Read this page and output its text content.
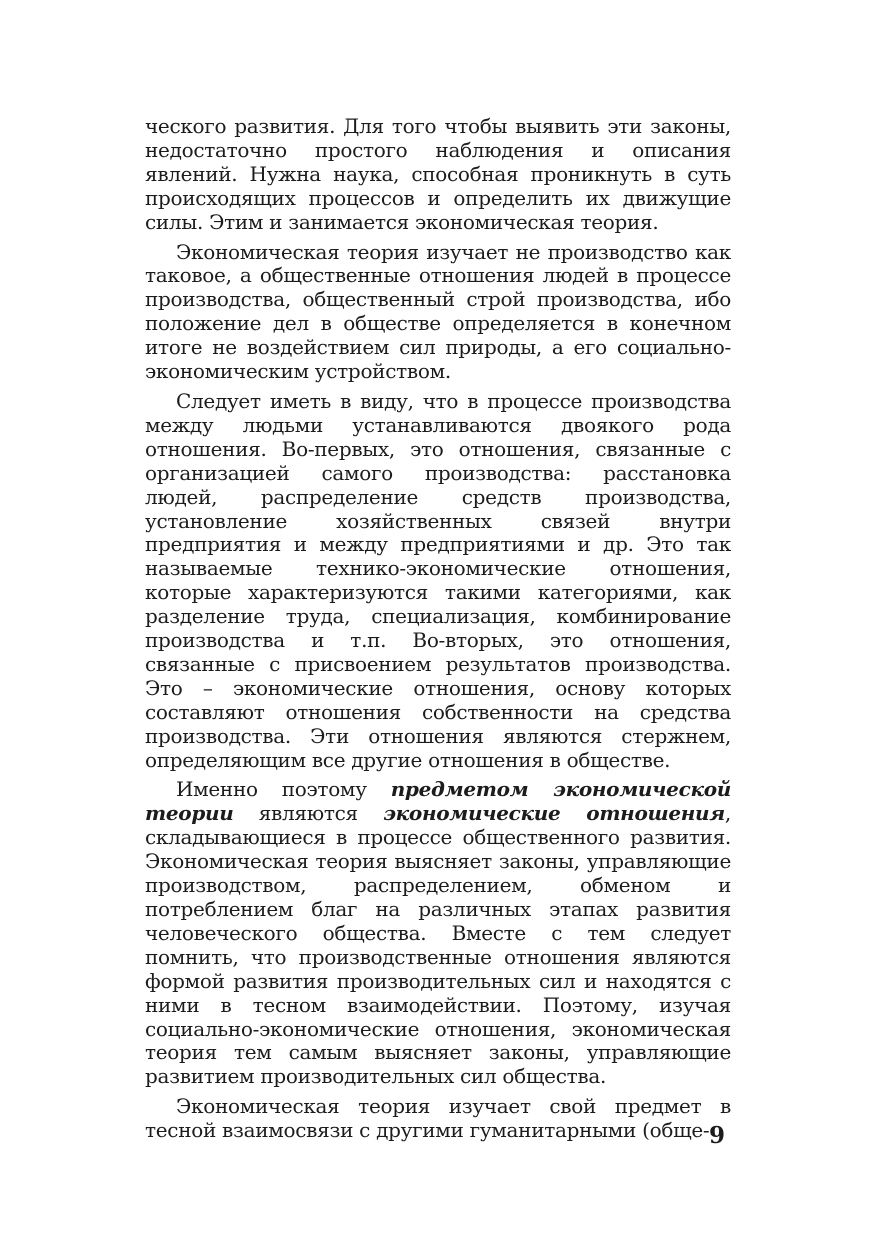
ческого развития. Для того чтобы выявить эти законы, недостаточно простого наблюдения и описания явлений. Нужна наука, способная проникнуть в суть происходящих процессов и определить их движущие силы. Этим и занимается экономическая теория.

Экономическая теория изучает не производство как таковое, а общественные отношения людей в процессе производства, общественный строй производства, ибо положение дел в обществе определяется в конечном итоге не воздействием сил природы, а его социально-экономическим устройством.

Следует иметь в виду, что в процессе производства между людьми устанавливаются двоякого рода отношения. Во-первых, это отношения, связанные с организацией самого производства: расстановка людей, распределение средств производства, установление хозяйственных связей внутри предприятия и между предприятиями и др. Это так называемые технико-экономические отношения, которые характеризуются такими категориями, как разделение труда, специализация, комбинирование производства и т.п. Во-вторых, это отношения, связанные с присвоением результатов производства. Это – экономические отношения, основу которых составляют отношения собственности на средства производства. Эти отношения являются стержнем, определяющим все другие отношения в обществе.

Именно поэтому предметом экономической теории являются экономические отношения, складывающиеся в процессе общественного развития. Экономическая теория выясняет законы, управляющие производством, распределением, обменом и потреблением благ на различных этапах развития человеческого общества. Вместе с тем следует помнить, что производственные отношения являются формой развития производительных сил и находятся с ними в тесном взаимодействии. Поэтому, изучая социально-экономические отношения, экономическая теория тем самым выясняет законы, управляющие развитием производительных сил общества.

Экономическая теория изучает свой предмет в тесной взаимосвязи с другими гуманитарными (обще- 9
